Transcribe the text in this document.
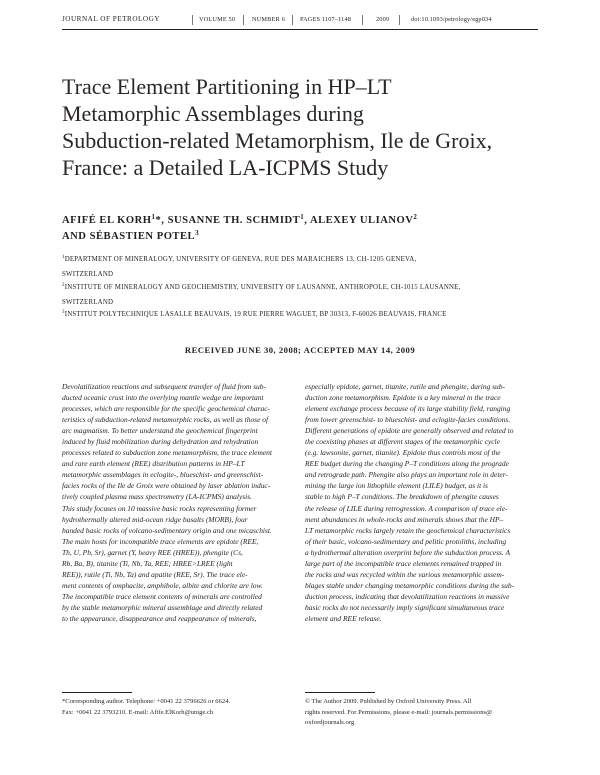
JOURNAL OF PETROLOGY	VOLUME 50	NUMBER 6 PAGES 1107–1148	2009	doi:10.1093/petrology/egp034
Trace Element Partitioning in HP–LT
Metamorphic Assemblages during
Subduction-related Metamorphism, Ile de Groix,
France: a Detailed LA-ICPMS Study
AFIFÉ EL KORH$^1$*, SUSANNE TH. SCHMIDT$^1$, ALEXEY ULIANOV$^2$
AND SÉBASTIEN POTEL$^3$
$^1$DEPARTMENT OF MINERALOGY, UNIVERSITY OF GENEVA, RUE DES MARAICHERS 13, CH-1205 GENEVA,
SWITZERLAND
$^2$INSTITUTE OF MINERALOGY AND GEOCHEMISTRY, UNIVERSITY OF LAUSANNE, ANTHROPOLE, CH-1015 LAUSANNE,
SWITZERLAND
$^3$INSTITUT POLYTECHNIQUE LASALLE BEAUVAIS, 19 RUE PIERRE WAGUET, BP 30313, F-60026 BEAUVAIS, FRANCE
RECEIVED JUNE 30, 2008; ACCEPTED MAY 14, 2009
Devolatilization reactions and subsequent transfer of fluid from sub-
ducted oceanic crust into the overlying mantle wedge are important
processes, which are responsible for the specific geochemical charac-
teristics of subduction-related metamorphic rocks, as well as those of
arc magmatism. To better understand the geochemical fingerprint
induced by fluid mobilization during dehydration and rehydration
processes related to subduction zone metamorphism, the trace element
and rare earth element (REE) distribution patterns in HP–LT
metamorphic assemblages in eclogite-, blueschist- and greenschist-
facies rocks of the Ile de Groix were obtained by laser ablation induc-
tively coupled plasma mass spectrometry (LA-ICPMS) analysis.
This study focuses on 10 massive basic rocks representing former
hydrothermally altered mid-ocean ridge basalts (MORB), four
banded basic rocks of volcano-sedimentary origin and one micaschist.
The main hosts for incompatible trace elements are epidote (REE,
Th, U, Pb, Sr), garnet (Y, heavy REE (HREE)), phengite (Cs,
Rb, Ba, B), titanite (Ti, Nb, Ta, REE; HREE>LREE (light
REE)), rutile (Ti, Nb, Ta) and apatite (REE, Sr). The trace ele-
ment contents of omphacite, amphibole, albite and chlorite are low.
The incompatible trace element contents of minerals are controlled
by the stable metamorphic mineral assemblage and directly related
to the appearance, disappearance and reappearance of minerals,
especially epidote, garnet, titanite, rutile and phengite, during sub-
duction zone metamorphism. Epidote is a key mineral in the trace
element exchange process because of its large stability field, ranging
from lower greenschist- to blueschist- and eclogite-facies conditions.
Different generations of epidote are generally observed and related to
the coexisting phases at different stages of the metamorphic cycle
(e.g. lawsonite, garnet, titanite). Epidote thus controls most of the
REE budget during the changing P–T conditions along the prograde
and retrograde path. Phengite also plays an important role in deter-
mining the large ion lithophile element (LILE) budget, as it is
stable to high P–T conditions. The breakdown of phengite causes
the release of LILE during retrogression. A comparison of trace ele-
ment abundances in whole-rocks and minerals shows that the HP–
LT metamorphic rocks largely retain the geochemical characteristics
of their basic, volcano-sedimentary and pelitic protoliths, including
a hydrothermal alteration overprint before the subduction process. A
large part of the incompatible trace elements remained trapped in
the rocks and was recycled within the various metamorphic assem-
blages stable under changing metamorphic conditions during the sub-
duction process, indicating that devolatilization reactions in massive
basic rocks do not necessarily imply significant simultaneous trace
element and REE release.
*Corresponding author. Telephone: +0041 22 3796626 or 6624.
Fax: +0041 22 3793210. E-mail: Afife.ElKorh@unige.ch
© The Author 2009. Published by Oxford University Press. All
rights reserved. For Permissions, please e-mail: journals.permissions@
oxfordjournals.org
